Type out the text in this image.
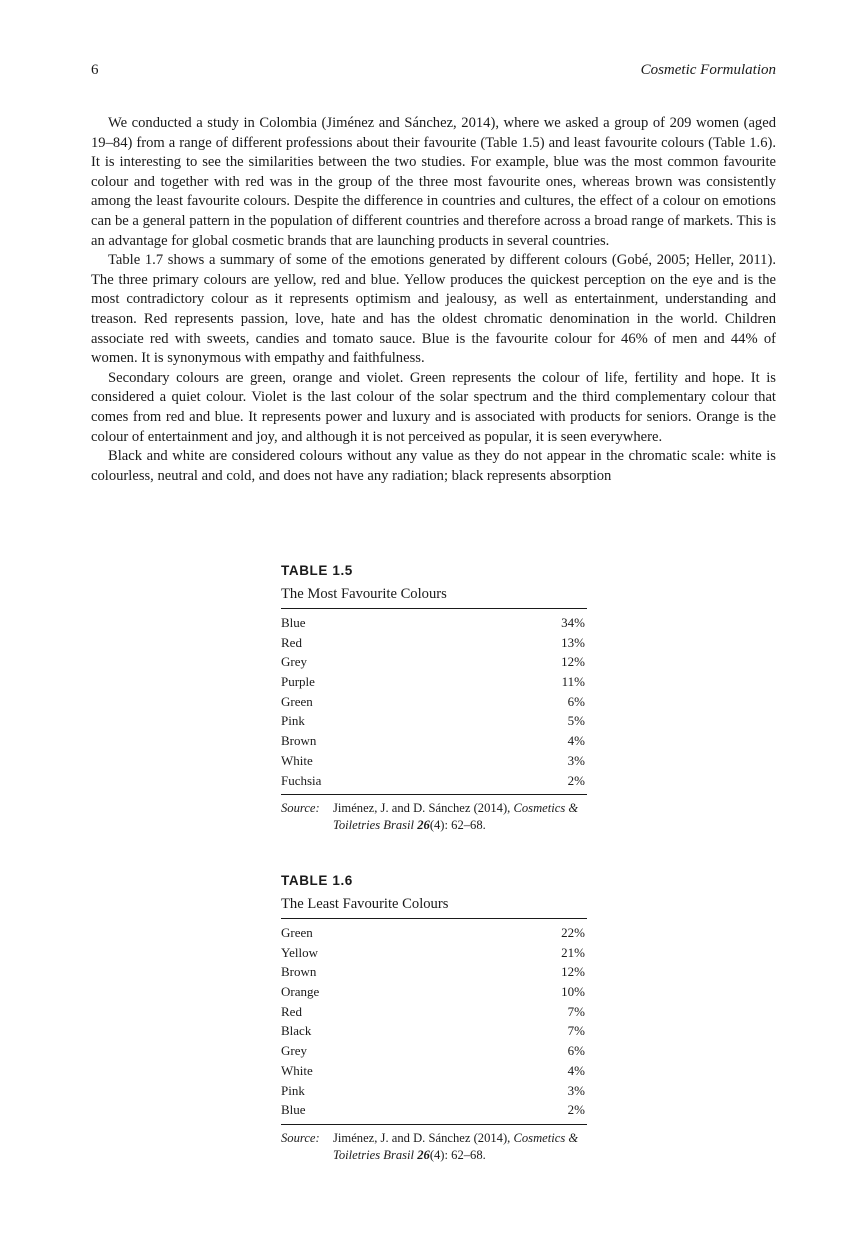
6	Cosmetic Formulation

We conducted a study in Colombia (Jiménez and Sánchez, 2014), where we asked a group of 209 women (aged 19–84) from a range of different professions about their favourite (Table 1.5) and least favourite colours (Table 1.6). It is interesting to see the similarities between the two studies. For example, blue was the most common favourite colour and together with red was in the group of the three most favourite ones, whereas brown was consistently among the least favourite colours. Despite the difference in countries and cultures, the effect of a colour on emotions can be a general pattern in the population of different countries and therefore across a broad range of markets. This is an advantage for global cosmetic brands that are launching products in several countries.

Table 1.7 shows a summary of some of the emotions generated by different colours (Gobé, 2005; Heller, 2011). The three primary colours are yellow, red and blue. Yellow produces the quickest perception on the eye and is the most contradictory colour as it represents optimism and jealousy, as well as entertainment, understanding and treason. Red represents passion, love, hate and has the oldest chromatic denomination in the world. Children associate red with sweets, candies and tomato sauce. Blue is the favourite colour for 46% of men and 44% of women. It is synonymous with empathy and faithfulness.

Secondary colours are green, orange and violet. Green represents the colour of life, fertility and hope. It is considered a quiet colour. Violet is the last colour of the solar spectrum and the third complementary colour that comes from red and blue. It represents power and luxury and is associated with products for seniors. Orange is the colour of entertainment and joy, and although it is not perceived as popular, it is seen everywhere.

Black and white are considered colours without any value as they do not appear in the chromatic scale: white is colourless, neutral and cold, and does not have any radiation; black represents absorption

TABLE 1.5
The Most Favourite Colours
Blue	34%
Red	13%
Grey	12%
Purple	11%
Green	6%
Pink	5%
Brown	4%
White	3%
Fuchsia	2%
Source:	Jiménez, J. and D. Sánchez (2014), Cosmetics & Toiletries Brasil 26(4): 62–68.
TABLE 1.6
The Least Favourite Colours
Green	22%
Yellow	21%
Brown	12%
Orange	10%
Red	7%
Black	7%
Grey	6%
White	4%
Pink	3%
Blue	2%
Source:	Jiménez, J. and D. Sánchez (2014), Cosmetics & Toiletries Brasil 26(4): 62–68.
